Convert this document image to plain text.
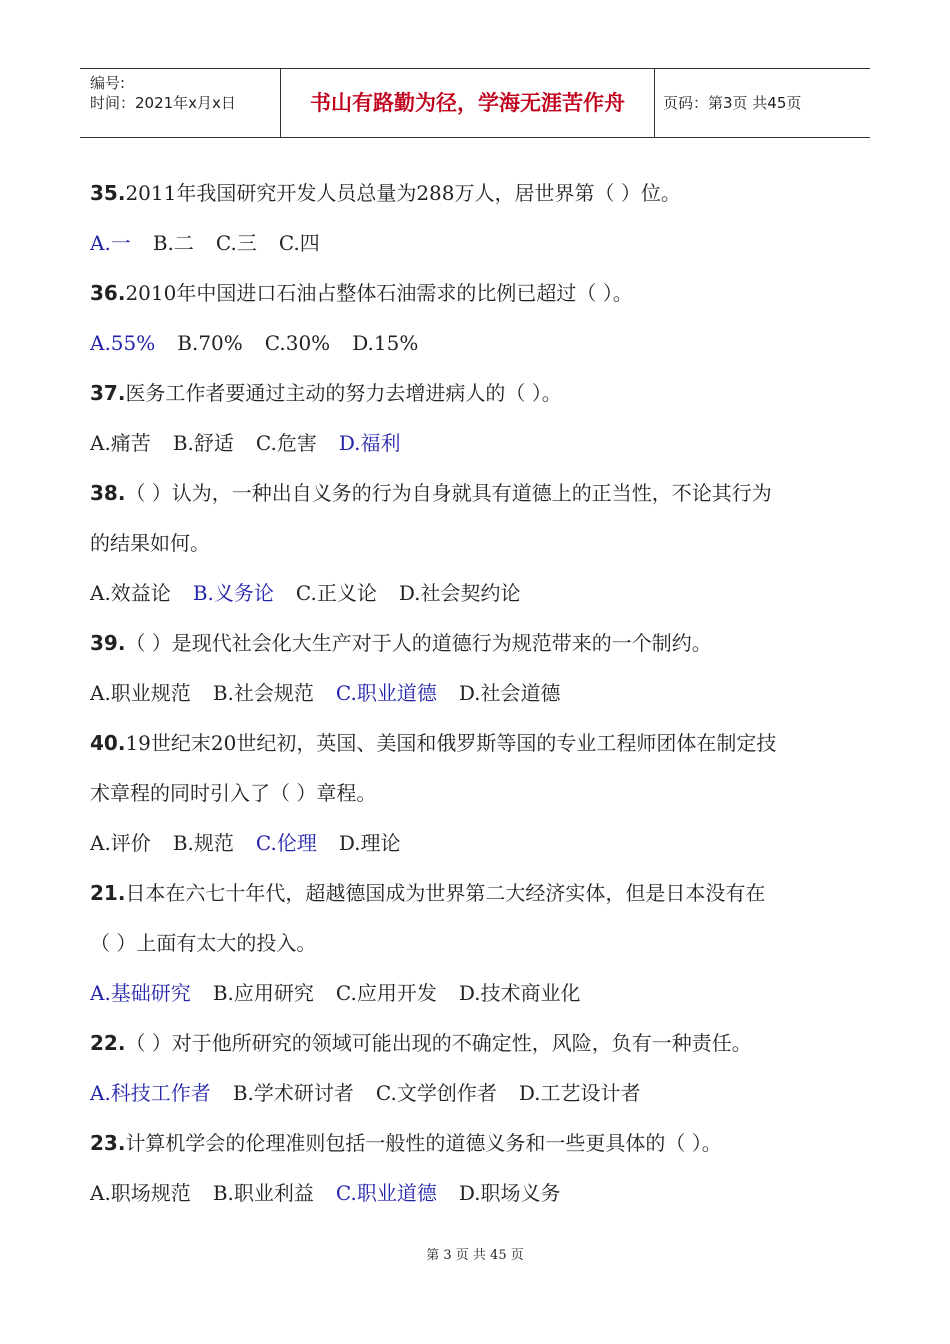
编号:
时间：2021年x月x日	书山有路勤为径，学海无涯苦作舟	页码：第3页 共45页
35.2011年我国研究开发人员总量为288万人，居世界第（ ）位。
A.一 B.二 C.三 C.四
36.2010年中国进口石油占整体石油需求的比例已超过（ ）。
A.55% B.70% C.30% D.15%
37.医务工作者要通过主动的努力去增进病人的（ ）。
A.痛苦 B.舒适 C.危害 D.福利
38.（ ）认为，一种出自义务的行为自身就具有道德上的正当性，不论其行为
的结果如何。
A.效益论 B.义务论 C.正义论 D.社会契约论
39.（ ）是现代社会化大生产对于人的道德行为规范带来的一个制约。
A.职业规范 B.社会规范 C.职业道德 D.社会道德
40.19世纪末20世纪初，英国、美国和俄罗斯等国的专业工程师团体在制定技
术章程的同时引入了（ ）章程。
A.评价 B.规范 C.伦理 D.理论
21.日本在六七十年代，超越德国成为世界第二大经济实体，但是日本没有在
（ ）上面有太大的投入。
A.基础研究 B.应用研究 C.应用开发 D.技术商业化
22.（ ）对于他所研究的领域可能出现的不确定性，风险，负有一种责任。
A.科技工作者 B.学术研讨者 C.文学创作者 D.工艺设计者
23.计算机学会的伦理准则包括一般性的道德义务和一些更具体的（ ）。
A.职场规范 B.职业利益 C.职业道德 D.职场义务
第 3 页 共 45 页
